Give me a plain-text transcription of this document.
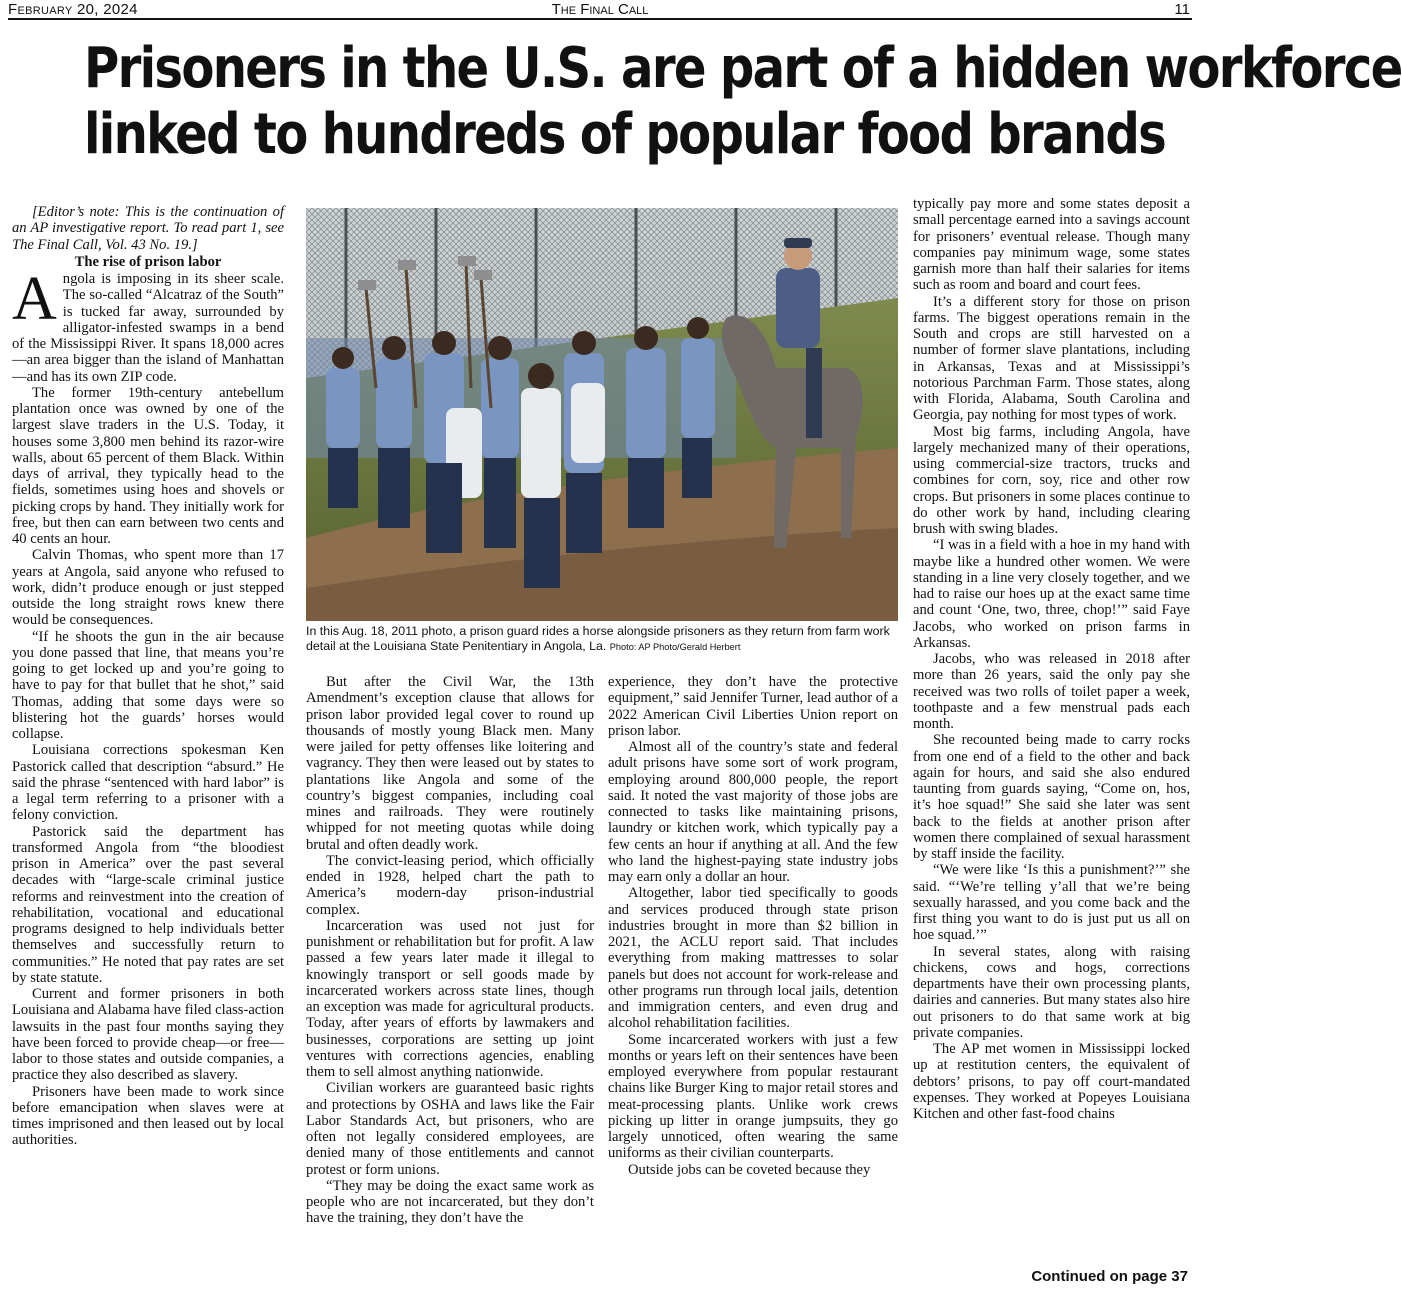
February 20, 2024	The Final Call	11
Prisoners in the U.S. are part of a hidden workforce
linked to hundreds of popular food brands

[Editor’s note: This is the continuation of an AP investigative report. To read part 1, see The Final Call, Vol. 43 No. 19.]

The rise of prison labor

Angola is imposing in its sheer scale. The so-called “Alcatraz of the South” is tucked far away, surrounded by alligator-infested swamps in a bend of the Mississippi River. It spans 18,000 acres—an area bigger than the island of Manhattan—and has its own ZIP code.

The former 19th-century antebellum plantation once was owned by one of the largest slave traders in the U.S. Today, it houses some 3,800 men behind its razor-wire walls, about 65 percent of them Black. Within days of arrival, they typically head to the fields, sometimes using hoes and shovels or picking crops by hand. They initially work for free, but then can earn between two cents and 40 cents an hour.

Calvin Thomas, who spent more than 17 years at Angola, said anyone who refused to work, didn’t produce enough or just stepped outside the long straight rows knew there would be consequences.

“If he shoots the gun in the air because you done passed that line, that means you’re going to get locked up and you’re going to have to pay for that bullet that he shot,” said Thomas, adding that some days were so blistering hot the guards’ horses would collapse.

Louisiana corrections spokesman Ken Pastorick called that description “absurd.” He said the phrase “sentenced with hard labor” is a legal term referring to a prisoner with a felony conviction.

Pastorick said the department has transformed Angola from “the bloodiest prison in America” over the past several decades with “large-scale criminal justice reforms and reinvestment into the creation of rehabilitation, vocational and educational programs designed to help individuals better themselves and successfully return to communities.” He noted that pay rates are set by state statute.

Current and former prisoners in both Louisiana and Alabama have filed class-action lawsuits in the past four months saying they have been forced to provide cheap—or free—labor to those states and outside companies, a practice they also described as slavery.

Prisoners have been made to work since before emancipation when slaves were at times imprisoned and then leased out by local authorities.

In this Aug. 18, 2011 photo, a prison guard rides a horse alongside prisoners as they return from farm work detail at the Louisiana State Penitentiary in Angola, La. Photo: AP Photo/Gerald Herbert

But after the Civil War, the 13th Amendment’s exception clause that allows for prison labor provided legal cover to round up thousands of mostly young Black men. Many were jailed for petty offenses like loitering and vagrancy. They then were leased out by states to plantations like Angola and some of the country’s biggest companies, including coal mines and railroads. They were routinely whipped for not meeting quotas while doing brutal and often deadly work.

The convict-leasing period, which officially ended in 1928, helped chart the path to America’s modern-day prison-industrial complex.

Incarceration was used not just for punishment or rehabilitation but for profit. A law passed a few years later made it illegal to knowingly transport or sell goods made by incarcerated workers across state lines, though an exception was made for agricultural products. Today, after years of efforts by lawmakers and businesses, corporations are setting up joint ventures with corrections agencies, enabling them to sell almost anything nationwide.

Civilian workers are guaranteed basic rights and protections by OSHA and laws like the Fair Labor Standards Act, but prisoners, who are often not legally considered employees, are denied many of those entitlements and cannot protest or form unions.

“They may be doing the exact same work as people who are not incarcerated, but they don’t have the training, they don’t have the

experience, they don’t have the protective equipment,” said Jennifer Turner, lead author of a 2022 American Civil Liberties Union report on prison labor.

Almost all of the country’s state and federal adult prisons have some sort of work program, employing around 800,000 people, the report said. It noted the vast majority of those jobs are connected to tasks like maintaining prisons, laundry or kitchen work, which typically pay a few cents an hour if anything at all. And the few who land the highest-paying state industry jobs may earn only a dollar an hour.

Altogether, labor tied specifically to goods and services produced through state prison industries brought in more than $2 billion in 2021, the ACLU report said. That includes everything from making mattresses to solar panels but does not account for work-release and other programs run through local jails, detention and immigration centers, and even drug and alcohol rehabilitation facilities.

Some incarcerated workers with just a few months or years left on their sentences have been employed everywhere from popular restaurant chains like Burger King to major retail stores and meat-processing plants. Unlike work crews picking up litter in orange jumpsuits, they go largely unnoticed, often wearing the same uniforms as their civilian counterparts.

Outside jobs can be coveted because they

typically pay more and some states deposit a small percentage earned into a savings account for prisoners’ eventual release. Though many companies pay minimum wage, some states garnish more than half their salaries for items such as room and board and court fees.

It’s a different story for those on prison farms. The biggest operations remain in the South and crops are still harvested on a number of former slave plantations, including in Arkansas, Texas and at Mississippi’s notorious Parchman Farm. Those states, along with Florida, Alabama, South Carolina and Georgia, pay nothing for most types of work.

Most big farms, including Angola, have largely mechanized many of their operations, using commercial-size tractors, trucks and combines for corn, soy, rice and other row crops. But prisoners in some places continue to do other work by hand, including clearing brush with swing blades.

“I was in a field with a hoe in my hand with maybe like a hundred other women. We were standing in a line very closely together, and we had to raise our hoes up at the exact same time and count ‘One, two, three, chop!’” said Faye Jacobs, who worked on prison farms in Arkansas.

Jacobs, who was released in 2018 after more than 26 years, said the only pay she received was two rolls of toilet paper a week, toothpaste and a few menstrual pads each month.

She recounted being made to carry rocks from one end of a field to the other and back again for hours, and said she also endured taunting from guards saying, “Come on, hos, it’s hoe squad!” She said she later was sent back to the fields at another prison after women there complained of sexual harassment by staff inside the facility.

“We were like ‘Is this a punishment?’” she said. “‘We’re telling y’all that we’re being sexually harassed, and you come back and the first thing you want to do is just put us all on hoe squad.’”

In several states, along with raising chickens, cows and hogs, corrections departments have their own processing plants, dairies and canneries. But many states also hire out prisoners to do that same work at big private companies.

The AP met women in Mississippi locked up at restitution centers, the equivalent of debtors’ prisons, to pay off court-mandated expenses. They worked at Popeyes Louisiana Kitchen and other fast-food chains

Continued on page 37
